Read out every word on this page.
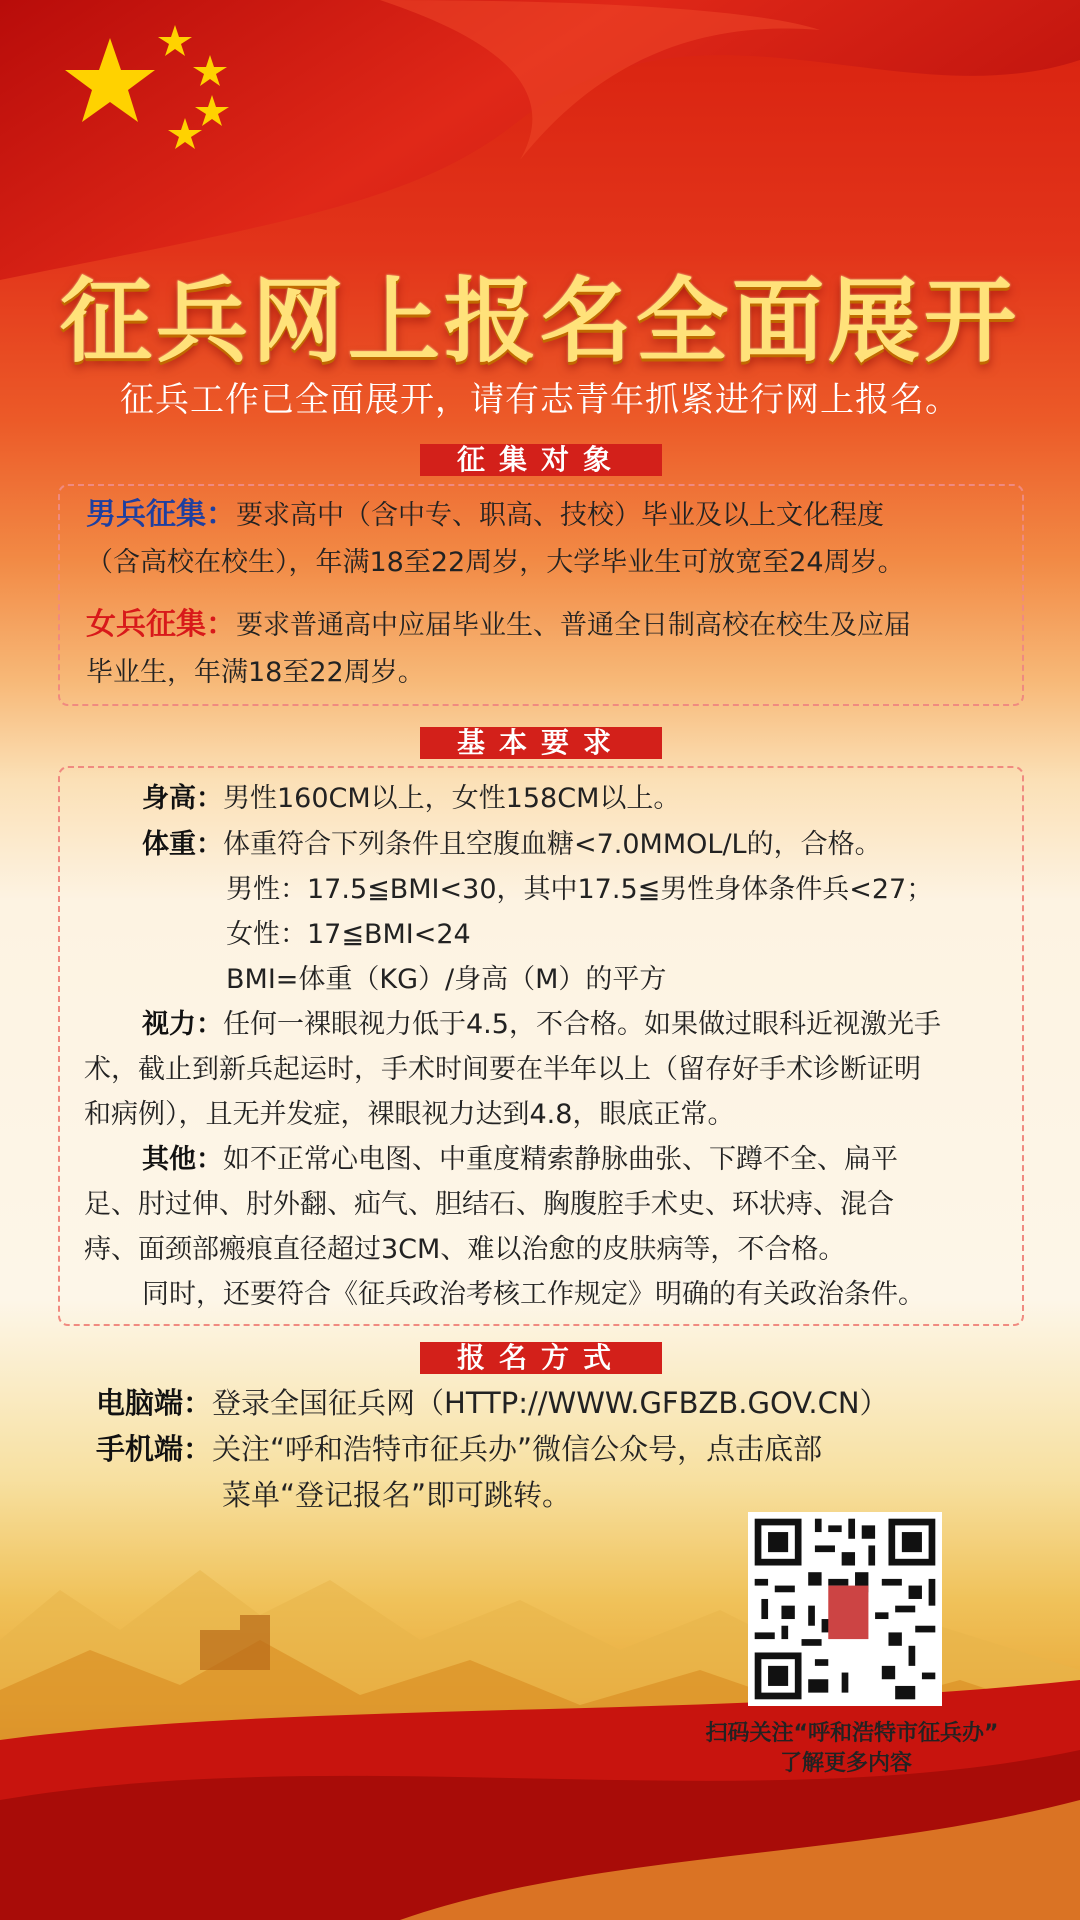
征兵网上报名全面展开
征兵工作已全面展开，请有志青年抓紧进行网上报名。
征集对象
男兵征集：要求高中（含中专、职高、技校）毕业及以上文化程度
（含高校在校生），年满18至22周岁，大学毕业生可放宽至24周岁。
女兵征集：要求普通高中应届毕业生、普通全日制高校在校生及应届
毕业生，年满18至22周岁。
基本要求
身高：男性160CM以上，女性158CM以上。
体重：体重符合下列条件且空腹血糖<7.0MMOL/L的，合格。
男性：17.5≦BMI<30，其中17.5≦男性身体条件兵<27；
女性：17≦BMI<24
BMI=体重（KG）/身高（M）的平方
视力：任何一裸眼视力低于4.5，不合格。如果做过眼科近视激光手
术，截止到新兵起运时，手术时间要在半年以上（留存好手术诊断证明
和病例），且无并发症，裸眼视力达到4.8，眼底正常。
其他：如不正常心电图、中重度精索静脉曲张、下蹲不全、扁平
足、肘过伸、肘外翻、疝气、胆结石、胸腹腔手术史、环状痔、混合
痔、面颈部瘢痕直径超过3CM、难以治愈的皮肤病等，不合格。
同时，还要符合《征兵政治考核工作规定》明确的有关政治条件。
报名方式
电脑端：登录全国征兵网（HTTP://WWW.GFBZB.GOV.CN）
手机端：关注“呼和浩特市征兵办”微信公众号，点击底部
菜单“登记报名”即可跳转。
扫码关注“呼和浩特市征兵办”
了解更多内容
